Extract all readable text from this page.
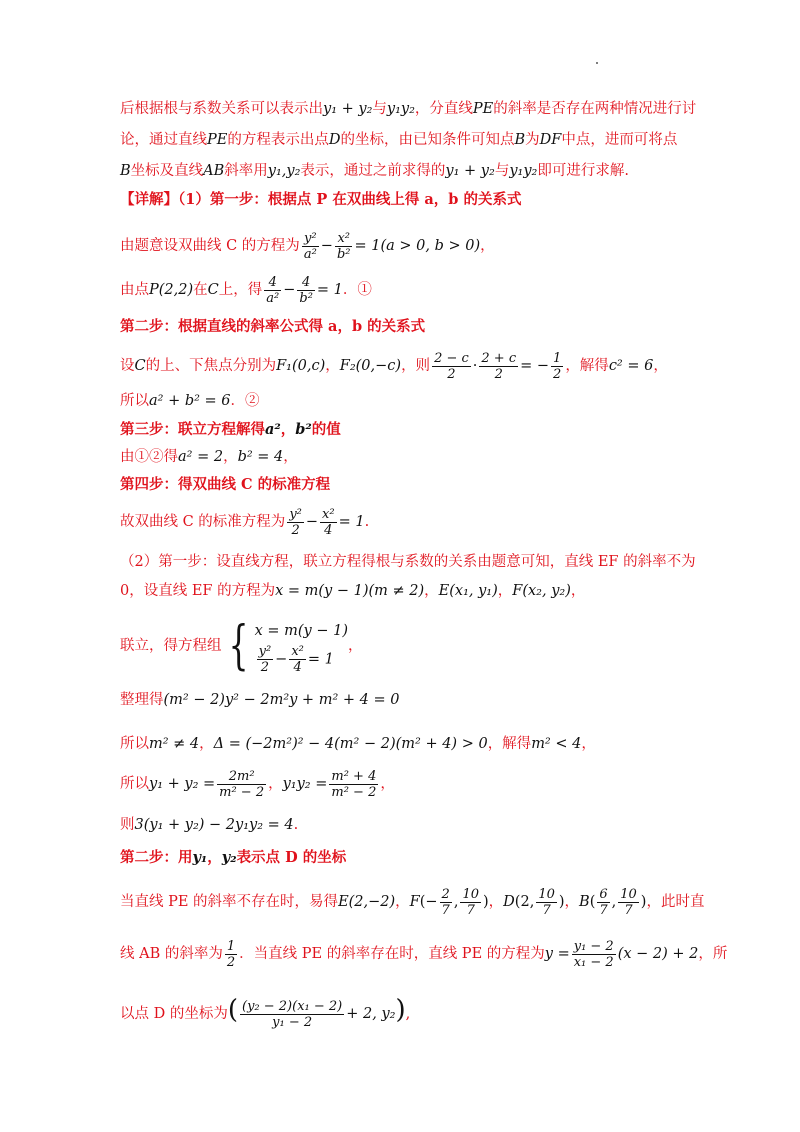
后根据根与系数关系可以表示出y₁ + y₂与y₁y₂，分直线PE的斜率是否存在两种情况进行讨
论，通过直线PE的方程表示出点D的坐标，由已知条件可知点B为DF中点，进而可将点
B坐标及直线AB斜率用y₁,y₂表示，通过之前求得的y₁ + y₂与y₁y₂即可进行求解.
【详解】（1）第一步：根据点 P 在双曲线上得 a，b 的关系式
由题意设双曲线 C 的方程为 $\frac{\text{y²}}{\text{a²}} - \frac{\text{x²}}{\text{b²}} = 1(a > 0$, b > 0)，
由点P(2,2)在C上，得 $\frac{4}{\text{a²}} - \frac{4}{\text{b²}} = 1$．①
第二步：根据直线的斜率公式得 a，b 的关系式
设C的上、下焦点分别为F₁(0,c)，F₂(0,−c)，则 $\frac{2 - c}{2} \cdot \frac{2 + c}{2}$ = − $\frac{1}{2}$ ，解得c² = 6，
所以a² + b² = 6．②
第三步：联立方程解得a²，b²的值
由①②得a² = 2，b² = 4，
第四步：得双曲线 C 的标准方程
故双曲线 C 的标准方程为 $\frac{\text{y²}}{2} - \frac{\text{x²}}{4} = 1$.
（2）第一步：设直线方程，联立方程得根与系数的关系由题意可知，直线 EF 的斜率不为
0，设直线 EF 的方程为x = m(y − 1)(m ≠ 2)，E(x₁, y₁)，F(x₂, y₂)，
联立，得方程组 { x = m(y − 1)
$\frac{\text{y²}}{2} - \frac{\text{x²}}{4} = 1$
，
整理得(m² − 2)y² − 2m²y + m² + 4 = 0
所以m² ≠ 4，Δ = (−2m²)² − 4(m² − 2)(m² + 4) > 0，解得m² < 4，
所以$y_1 + y_2 = \frac{\text{2m²}}{\text{m² − 2}}$ ，$y_1y_2 = \frac{\text{m² + 4}}{\text{m² − 2}}$ ，
则3(y₁ + y₂) − 2y₁y₂ = 4.
第二步：用y₁，y₂表示点 D 的坐标
当直线 PE 的斜率不存在时，易得E(2,−2)，$F(- \frac{2}{7}$ , $\frac{10}{7}$ )，D(2, $\frac{10}{7}$ )，$B( \frac{6}{7}$ , $\frac{10}{7}$ )，此时直
线 AB 的斜率为 $\frac{1}{2}$ ．当直线 PE 的斜率存在时，直线 PE 的方程为$y = \frac{\text{y₁ − 2}}{\text{x₁ − 2}} (x - 2) + 2$，所
以点 D 的坐标为( $\frac{\text{(y₂ − 2)(x₁ − 2)}}{\text{y₁ − 2}} + 2$, y₂),
